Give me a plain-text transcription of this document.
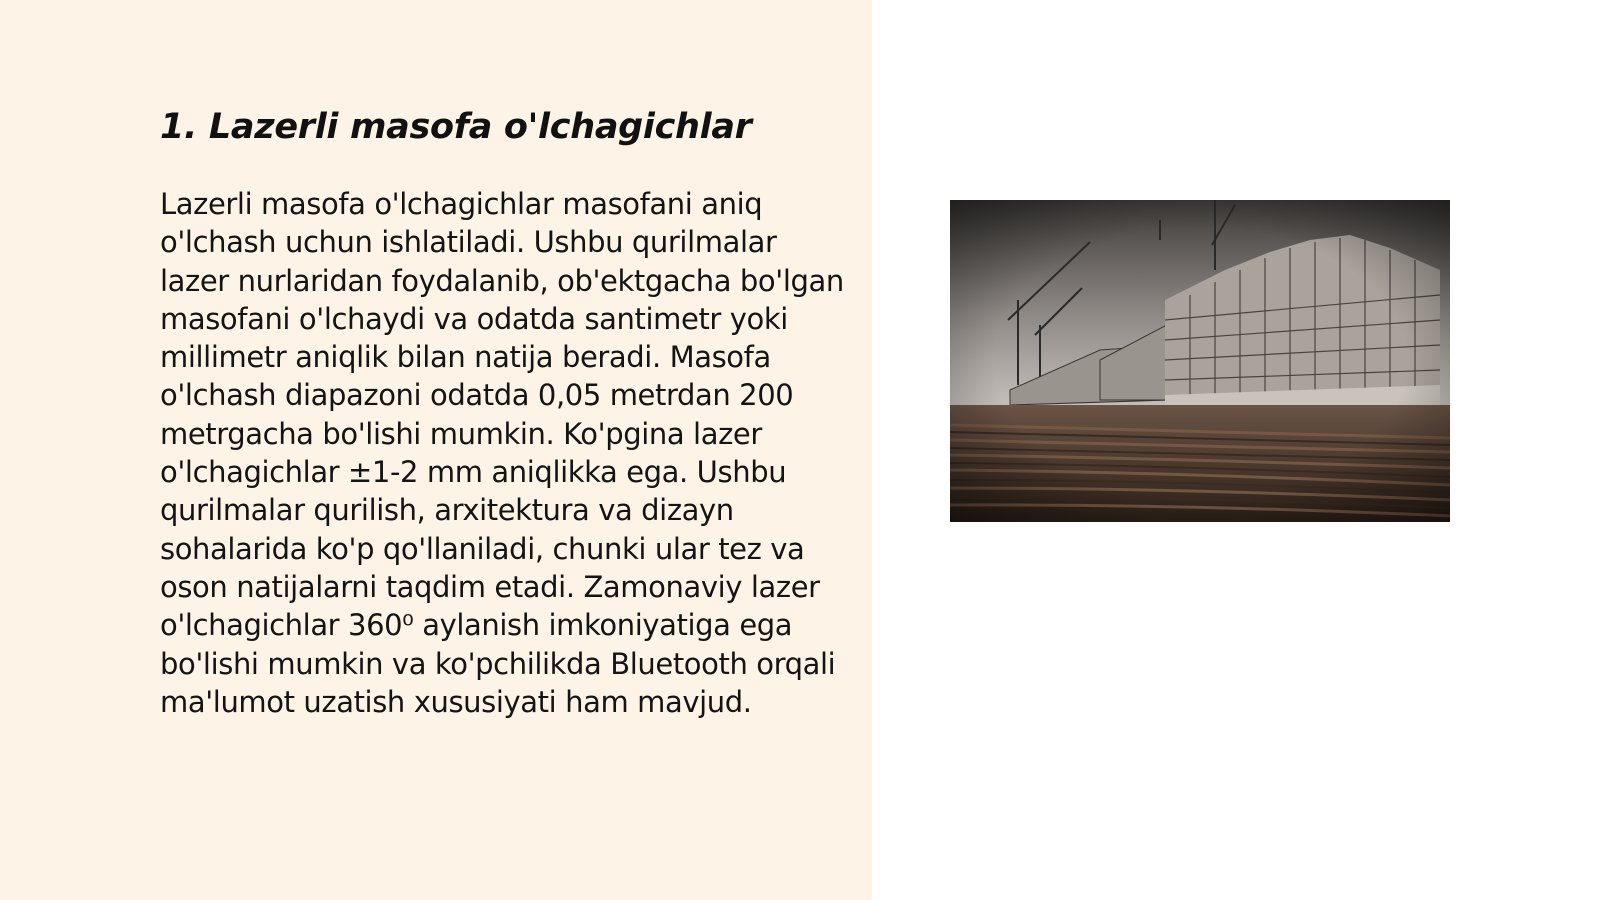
1. Lazerli masofa o'lchagichlar

Lazerli masofa o'lchagichlar masofani aniq o'lchash uchun ishlatiladi. Ushbu qurilmalar lazer nurlaridan foydalanib, ob'ektgacha bo'lgan masofani o'lchaydi va odatda santimetr yoki millimetr aniqlik bilan natija beradi. Masofa o'lchash diapazoni odatda 0,05 metrdan 200 metrgacha bo'lishi mumkin. Ko'pgina lazer o'lchagichlar ±1-2 mm aniqlikka ega. Ushbu qurilmalar qurilish, arxitektura va dizayn sohalarida ko'p qo'llaniladi, chunki ular tez va oson natijalarni taqdim etadi. Zamonaviy lazer o'lchagichlar 360⁰ aylanish imkoniyatiga ega bo'lishi mumkin va ko'pchilikda Bluetooth orqali ma'lumot uzatish xususiyati ham mavjud.
